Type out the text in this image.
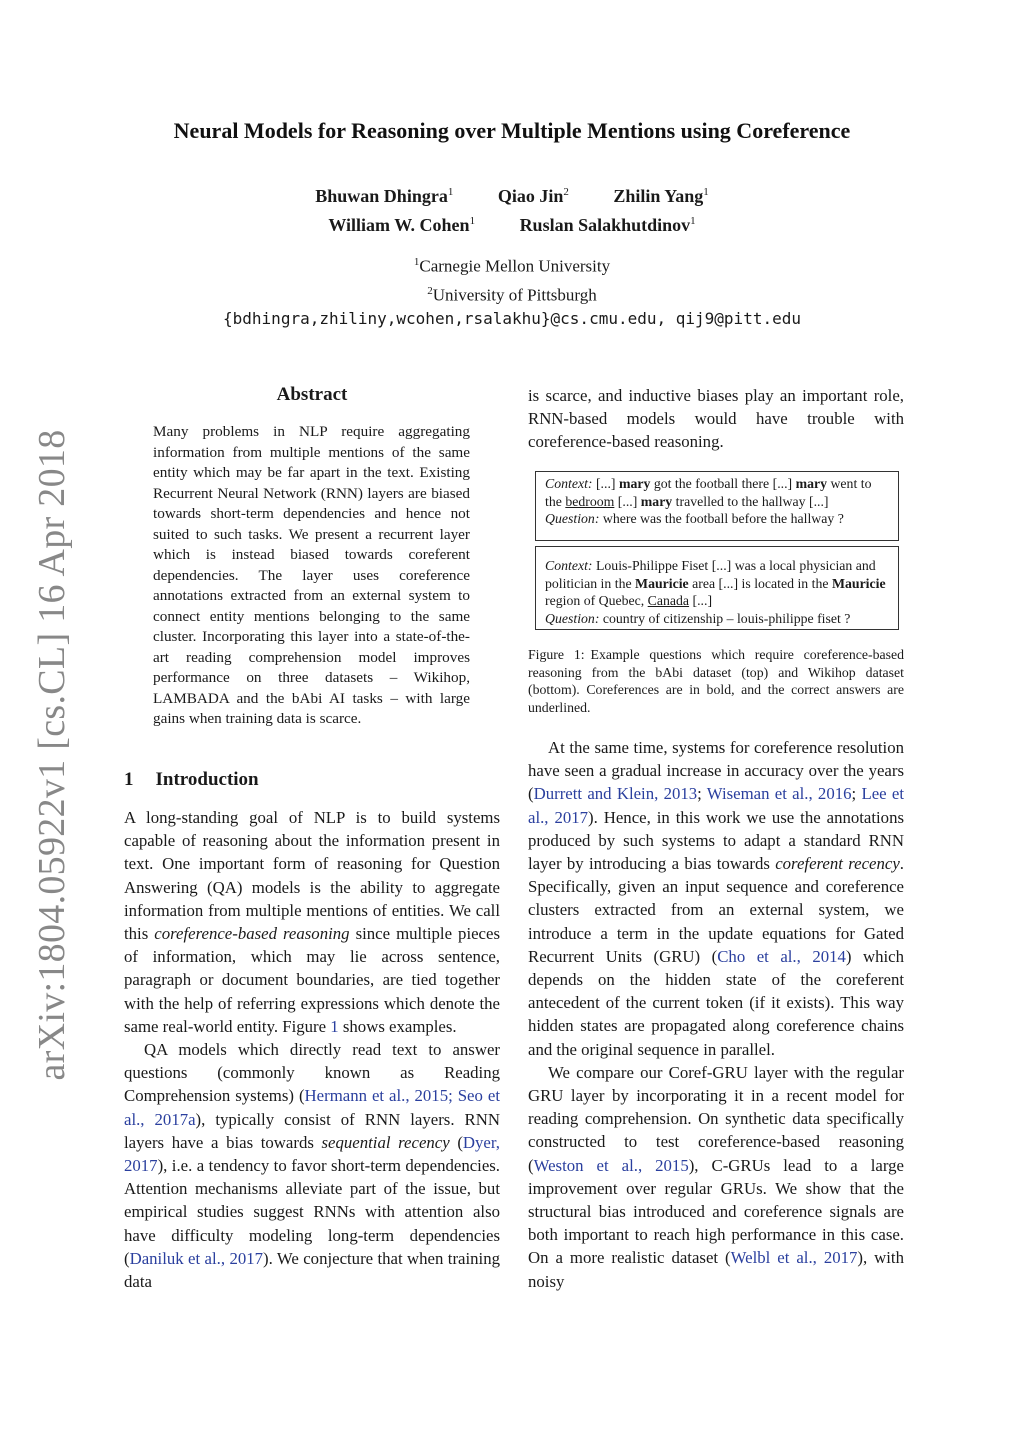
arXiv:1804.05922v1 [cs.CL] 16 Apr 2018
Neural Models for Reasoning over Multiple Mentions using Coreference
Bhuwan Dhingra$^1$ Qiao Jin$^2$ Zhilin Yang$^1$
William W. Cohen$^1$ Ruslan Salakhutdinov$^1$
$^1$Carnegie Mellon University
$^2$University of Pittsburgh
{bdhingra,zhiliny,wcohen,rsalakhu}@cs.cmu.edu, qij9@pitt.edu
Abstract
Many problems in NLP require aggregating information from multiple mentions of the same entity which may be far apart in the text. Existing Recurrent Neural Network (RNN) layers are biased towards short-term dependencies and hence not suited to such tasks. We present a recurrent layer which is instead biased towards coreferent dependencies. The layer uses coreference annotations extracted from an external system to connect entity mentions belonging to the same cluster. Incorporating this layer into a state-of-the-art reading comprehension model improves performance on three datasets – Wikihop, LAMBADA and the bAbi AI tasks – with large gains when training data is scarce.
1 Introduction

A long-standing goal of NLP is to build systems capable of reasoning about the information present in text. One important form of reasoning for Question Answering (QA) models is the ability to aggregate information from multiple mentions of entities. We call this coreference-based reasoning since multiple pieces of information, which may lie across sentence, paragraph or document boundaries, are tied together with the help of referring expressions which denote the same real-world entity. Figure 1 shows examples.

QA models which directly read text to answer questions (commonly known as Reading Comprehension systems) (Hermann et al., 2015; Seo et al., 2017a), typically consist of RNN layers. RNN layers have a bias towards sequential recency (Dyer, 2017), i.e. a tendency to favor short-term dependencies. Attention mechanisms alleviate part of the issue, but empirical studies suggest RNNs with attention also have difficulty modeling long-term dependencies (Daniluk et al., 2017). We conjecture that when training data

is scarce, and inductive biases play an important role, RNN-based models would have trouble with coreference-based reasoning.
Context: [...] mary got the football there [...] mary went to the bedroom [...] mary travelled to the hallway [...]
Question: where was the football before the hallway ?
Context: Louis-Philippe Fiset [...] was a local physician and politician in the Mauricie area [...] is located in the Mauricie region of Quebec, Canada [...]
Question: country of citizenship – louis-philippe fiset ?
Figure 1: Example questions which require coreference-based reasoning from the bAbi dataset (top) and Wikihop dataset (bottom). Coreferences are in bold, and the correct answers are underlined.

At the same time, systems for coreference resolution have seen a gradual increase in accuracy over the years (Durrett and Klein, 2013; Wiseman et al., 2016; Lee et al., 2017). Hence, in this work we use the annotations produced by such systems to adapt a standard RNN layer by introducing a bias towards coreferent recency. Specifically, given an input sequence and coreference clusters extracted from an external system, we introduce a term in the update equations for Gated Recurrent Units (GRU) (Cho et al., 2014) which depends on the hidden state of the coreferent antecedent of the current token (if it exists). This way hidden states are propagated along coreference chains and the original sequence in parallel.

We compare our Coref-GRU layer with the regular GRU layer by incorporating it in a recent model for reading comprehension. On synthetic data specifically constructed to test coreference-based reasoning (Weston et al., 2015), C-GRUs lead to a large improvement over regular GRUs. We show that the structural bias introduced and coreference signals are both important to reach high performance in this case. On a more realistic dataset (Welbl et al., 2017), with noisy
